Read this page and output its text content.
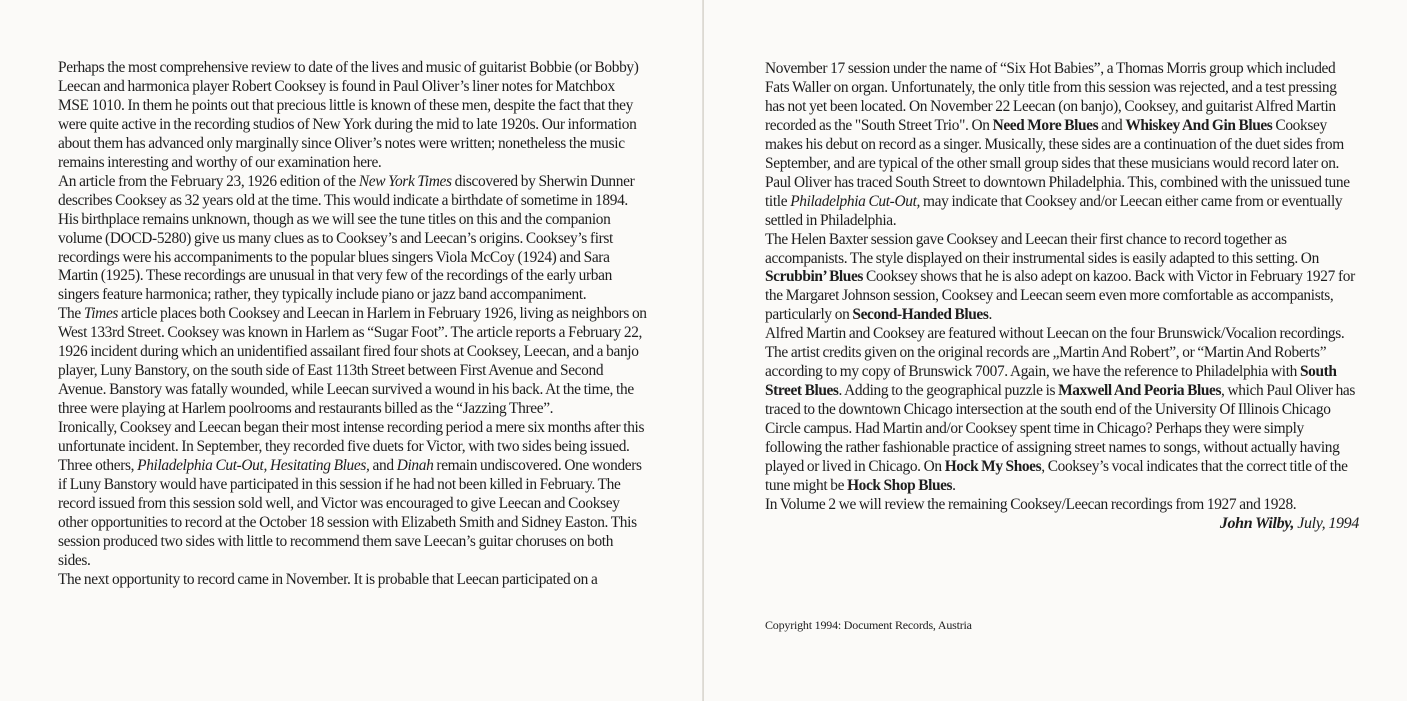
Perhaps the most comprehensive review to date of the lives and music of guitarist Bobbie (or Bobby) Leecan and harmonica player Robert Cooksey is found in Paul Oliver’s liner notes for Matchbox MSE 1010. In them he points out that precious little is known of these men, despite the fact that they were quite active in the recording studios of New York during the mid to late 1920s. Our information about them has advanced only marginally since Oliver’s notes were written; nonetheless the music remains interesting and worthy of our examination here.

An article from the February 23, 1926 edition of the New York Times discovered by Sherwin Dunner describes Cooksey as 32 years old at the time. This would indicate a birthdate of sometime in 1894. His birthplace remains unknown, though as we will see the tune titles on this and the companion volume (DOCD-5280) give us many clues as to Cooksey’s and Leecan’s origins. Cooksey’s first recordings were his accompaniments to the popular blues singers Viola McCoy (1924) and Sara Martin (1925). These recordings are unusual in that very few of the recordings of the early urban singers feature harmonica; rather, they typically include piano or jazz band accompaniment.

The Times article places both Cooksey and Leecan in Harlem in February 1926, living as neighbors on West 133rd Street. Cooksey was known in Harlem as “Sugar Foot”. The article reports a February 22, 1926 incident during which an unidentified assailant fired four shots at Cooksey, Leecan, and a banjo player, Luny Banstory, on the south side of East 113th Street between First Avenue and Second Avenue. Banstory was fatally wounded, while Leecan survived a wound in his back. At the time, the three were playing at Harlem poolrooms and restaurants billed as the “Jazzing Three”.

Ironically, Cooksey and Leecan began their most intense recording period a mere six months after this unfortunate incident. In September, they recorded five duets for Victor, with two sides being issued. Three others, Philadelphia Cut-Out, Hesitating Blues, and Dinah remain undiscovered. One wonders if Luny Banstory would have participated in this session if he had not been killed in February. The record issued from this session sold well, and Victor was encouraged to give Leecan and Cooksey other opportunities to record at the October 18 session with Elizabeth Smith and Sidney Easton. This session produced two sides with little to recommend them save Leecan’s guitar choruses on both sides.

The next opportunity to record came in November. It is probable that Leecan participated on a

November 17 session under the name of “Six Hot Babies”, a Thomas Morris group which included Fats Waller on organ. Unfortunately, the only title from this session was rejected, and a test pressing has not yet been located. On November 22 Leecan (on banjo), Cooksey, and guitarist Alfred Martin recorded as the "South Street Trio". On Need More Blues and Whiskey And Gin Blues Cooksey makes his debut on record as a singer. Musically, these sides are a continuation of the duet sides from September, and are typical of the other small group sides that these musicians would record later on. Paul Oliver has traced South Street to downtown Philadelphia. This, combined with the unissued tune title Philadelphia Cut-Out, may indicate that Cooksey and/or Leecan either came from or eventually settled in Philadelphia.

The Helen Baxter session gave Cooksey and Leecan their first chance to record together as accompanists. The style displayed on their instrumental sides is easily adapted to this setting. On Scrubbin’ Blues Cooksey shows that he is also adept on kazoo. Back with Victor in February 1927 for the Margaret Johnson session, Cooksey and Leecan seem even more comfortable as accompanists, particularly on Second-Handed Blues.

Alfred Martin and Cooksey are featured without Leecan on the four Brunswick/Vocalion recordings. The artist credits given on the original records are „Martin And Robert”, or “Martin And Roberts” according to my copy of Brunswick 7007. Again, we have the reference to Philadelphia with South Street Blues. Adding to the geographical puzzle is Maxwell And Peoria Blues, which Paul Oliver has traced to the downtown Chicago intersection at the south end of the University Of Illinois Chicago Circle campus. Had Martin and/or Cooksey spent time in Chicago? Perhaps they were simply following the rather fashionable practice of assigning street names to songs, without actually having played or lived in Chicago. On Hock My Shoes, Cooksey’s vocal indicates that the correct title of the tune might be Hock Shop Blues.

In Volume 2 we will review the remaining Cooksey/Leecan recordings from 1927 and 1928.

John Wilby, July, 1994
Copyright 1994: Document Records, Austria
